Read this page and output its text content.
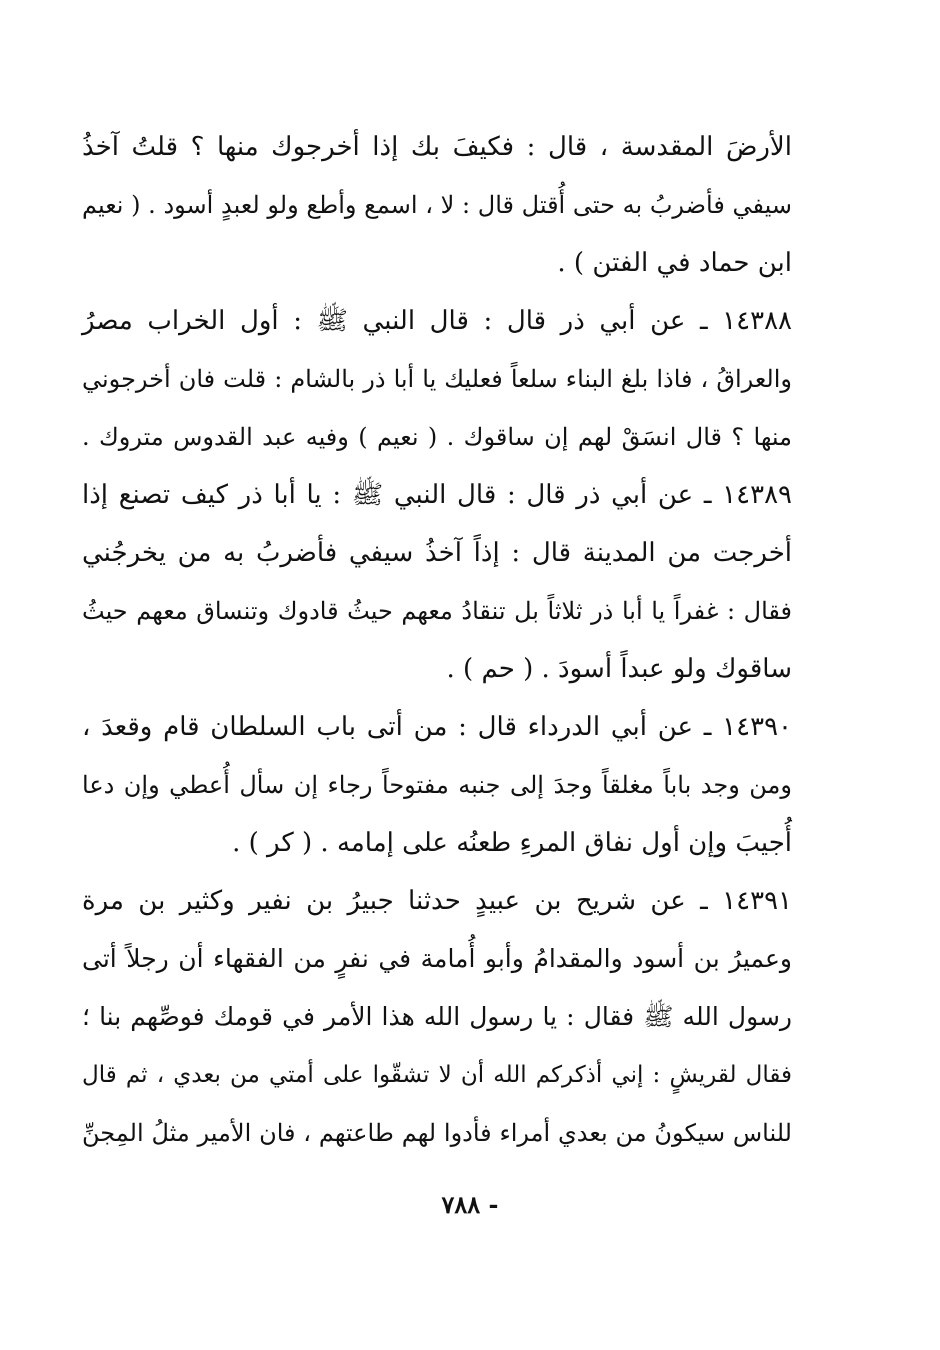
الأرضَ المقدسة ، قال : فكيفَ بك إذا أخرجوك منها ؟ قلتُ آخذُ
سيفي فأضربُ به حتى أُقتل قال : لا ، اسمع وأطع ولو لعبدٍ أسود . ( نعيم
ابن حماد في الفتن ) .
١٤٣٨٨ ـ عن أبي ذر قال : قال النبي ﷺ : أول الخراب مصرُ
والعراقُ ، فاذا بلغ البناء سلعاً فعليك يا أبا ذر بالشام : قلت فان أخرجوني
منها ؟ قال انسَقْ لهم إن ساقوك . ( نعيم ) وفيه عبد القدوس متروك .
١٤٣٨٩ ـ عن أبي ذر قال : قال النبي ﷺ : يا أبا ذر كيف تصنع إذا
أخرجت من المدينة قال : إذاً آخذُ سيفي فأضربُ به من يخرجُني
فقال : غفراً يا أبا ذر ثلاثاً بل تنقادُ معهم حيثُ قادوك وتنساق معهم حيثُ
ساقوك ولو عبداً أسودَ . ( حم ) .
١٤٣٩٠ ـ عن أبي الدرداء قال : من أتى باب السلطان قام وقعدَ ،
ومن وجد باباً مغلقاً وجدَ إلى جنبه مفتوحاً رجاء إن سأل أُعطي وإن دعا
أُجيبَ وإن أول نفاق المرءِ طعنُه على إمامه . ( كر ) .
١٤٣٩١ ـ عن شريح بن عبيدٍ حدثنا جبيرُ بن نفير وكثير بن مرة
وعميرُ بن أسود والمقدامُ وأبو أُمامة في نفرٍ من الفقهاء أن رجلاً أتى
رسول الله ﷺ فقال : يا رسول الله هذا الأمر في قومك فوصِّهم بنا ؛
فقال لقريشٍ : إني أذكركم الله أن لا تشقّوا على أمتي من بعدي ، ثم قال
للناس سيكونُ من بعدي أمراء فأدوا لهم طاعتهم ، فان الأمير مثلُ المِجنِّ
- ٧٨٨
